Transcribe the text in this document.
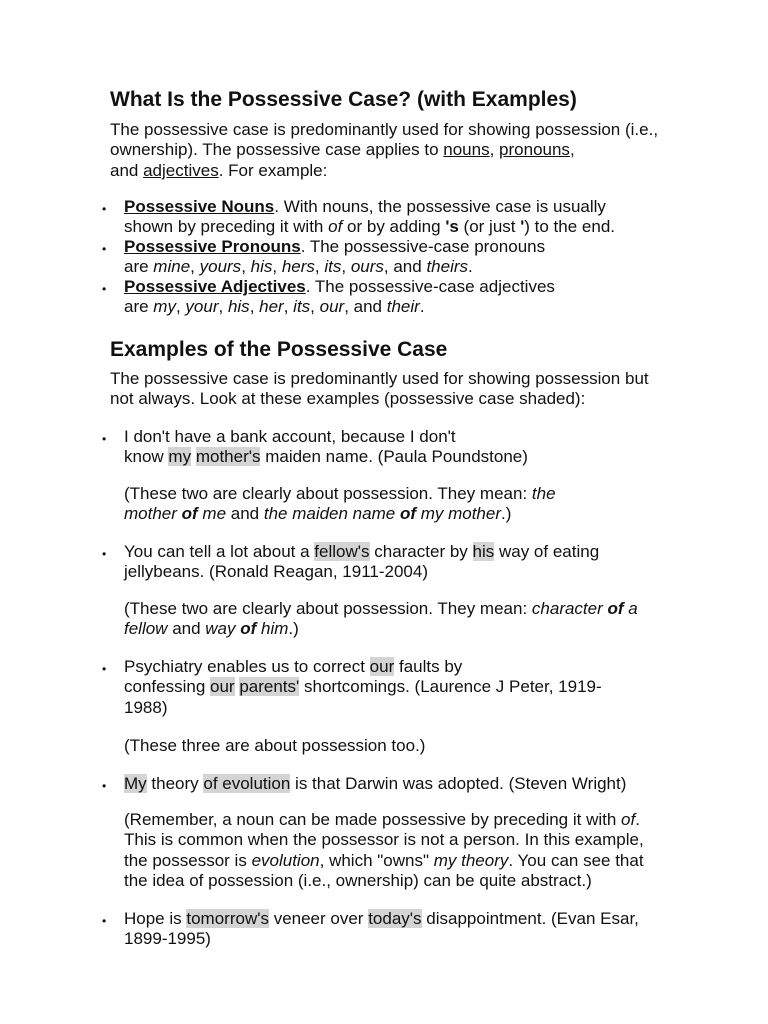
What Is the Possessive Case? (with Examples)

The possessive case is predominantly used for showing possession (i.e.,
ownership). The possessive case applies to nouns, pronouns,
and adjectives. For example:

• Possessive Nouns. With nouns, the possessive case is usually
shown by preceding it with of or by adding 's (or just ') to the end.

• Possessive Pronouns. The possessive-case pronouns
are mine, yours, his, hers, its, ours, and theirs.

• Possessive Adjectives. The possessive-case adjectives
are my, your, his, her, its, our, and their.

Examples of the Possessive Case

The possessive case is predominantly used for showing possession but
not always. Look at these examples (possessive case shaded):

• I don't have a bank account, because I don't
know my mother's maiden name. (Paula Poundstone)

(These two are clearly about possession. They mean: the
mother of me and the maiden name of my mother.)

• You can tell a lot about a fellow's character by his way of eating
jellybeans. (Ronald Reagan, 1911-2004)

(These two are clearly about possession. They mean: character of a
fellow and way of him.)

• Psychiatry enables us to correct our faults by
confessing our parents' shortcomings. (Laurence J Peter, 1919-
1988)

(These three are about possession too.)

• My theory of evolution is that Darwin was adopted. (Steven Wright)

(Remember, a noun can be made possessive by preceding it with of.
This is common when the possessor is not a person. In this example,
the possessor is evolution, which "owns" my theory. You can see that
the idea of possession (i.e., ownership) can be quite abstract.)

• Hope is tomorrow's veneer over today's disappointment. (Evan Esar,
1899-1995)
